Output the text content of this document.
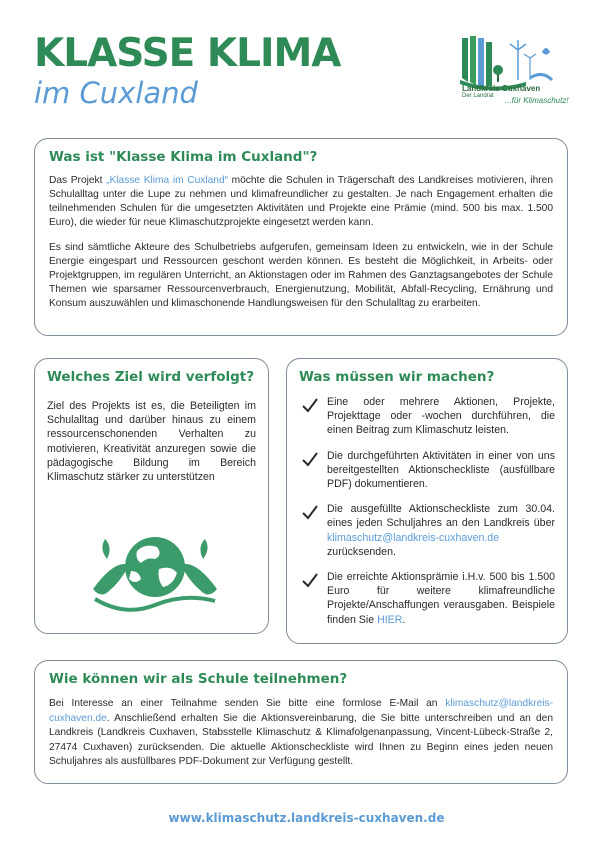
KLASSE KLIMA
im Cuxland	Landkreis Cuxhaven
Der Landrat ...für Klimaschutz!
Was ist "Klasse Klima im Cuxland"?

Das Projekt „Klasse Klima im Cuxland“ möchte die Schulen in Trägerschaft des Landkreises motivieren, ihren Schulalltag unter die Lupe zu nehmen und klimafreundlicher zu gestalten. Je nach Engagement erhalten die teilnehmenden Schulen für die umgesetzten Aktivitäten und Projekte eine Prämie (mind. 500 bis max. 1.500 Euro), die wieder für neue Klimaschutzprojekte eingesetzt werden kann.

Es sind sämtliche Akteure des Schulbetriebs aufgerufen, gemeinsam Ideen zu entwickeln, wie in der Schule Energie eingespart und Ressourcen geschont werden können. Es besteht die Möglichkeit, in Arbeits- oder Projektgruppen, im regulären Unterricht, an Aktionstagen oder im Rahmen des Ganztagsangebotes der Schule Themen wie sparsamer Ressourcenverbrauch, Energienutzung, Mobilität, Abfall-Recycling, Ernährung und Konsum auszuwählen und klimaschonende Handlungsweisen für den Schulalltag zu erarbeiten.

Welches Ziel wird verfolgt?

Ziel des Projekts ist es, die Beteiligten im Schulalltag und darüber hinaus zu einem ressourcenschonenden Verhalten zu motivieren, Kreativität anzuregen sowie die pädagogische Bildung im Bereich Klimaschutz stärker zu unterstützen

Was müssen wir machen?

Eine oder mehrere Aktionen, Projekte, Projekttage oder -wochen durchführen, die einen Beitrag zum Klimaschutz leisten.

Die durchgeführten Aktivitäten in einer von uns bereitgestellten Aktionscheckliste (ausfüllbare PDF) dokumentieren.

Die ausgefüllte Aktionscheckliste zum 30.04. eines jeden Schuljahres an den Landkreis über klimaschutz@landkreis-cuxhaven.de zurücksenden.

Die erreichte Aktionsprämie i.H.v. 500 bis 1.500 Euro für weitere klimafreundliche Projekte/Anschaffungen verausgaben. Beispiele finden Sie HIER.

Wie können wir als Schule teilnehmen?

Bei Interesse an einer Teilnahme senden Sie bitte eine formlose E-Mail an klimaschutz@landkreis-cuxhaven.de. Anschließend erhalten Sie die Aktionsvereinbarung, die Sie bitte unterschreiben und an den Landkreis (Landkreis Cuxhaven, Stabsstelle Klimaschutz & Klimafolgenanpassung, Vincent-Lübeck-Straße 2, 27474 Cuxhaven) zurücksenden. Die aktuelle Aktionscheckliste wird Ihnen zu Beginn eines jeden neuen Schuljahres als ausfüllbares PDF-Dokument zur Verfügung gestellt.

www.klimaschutz.landkreis-cuxhaven.de
